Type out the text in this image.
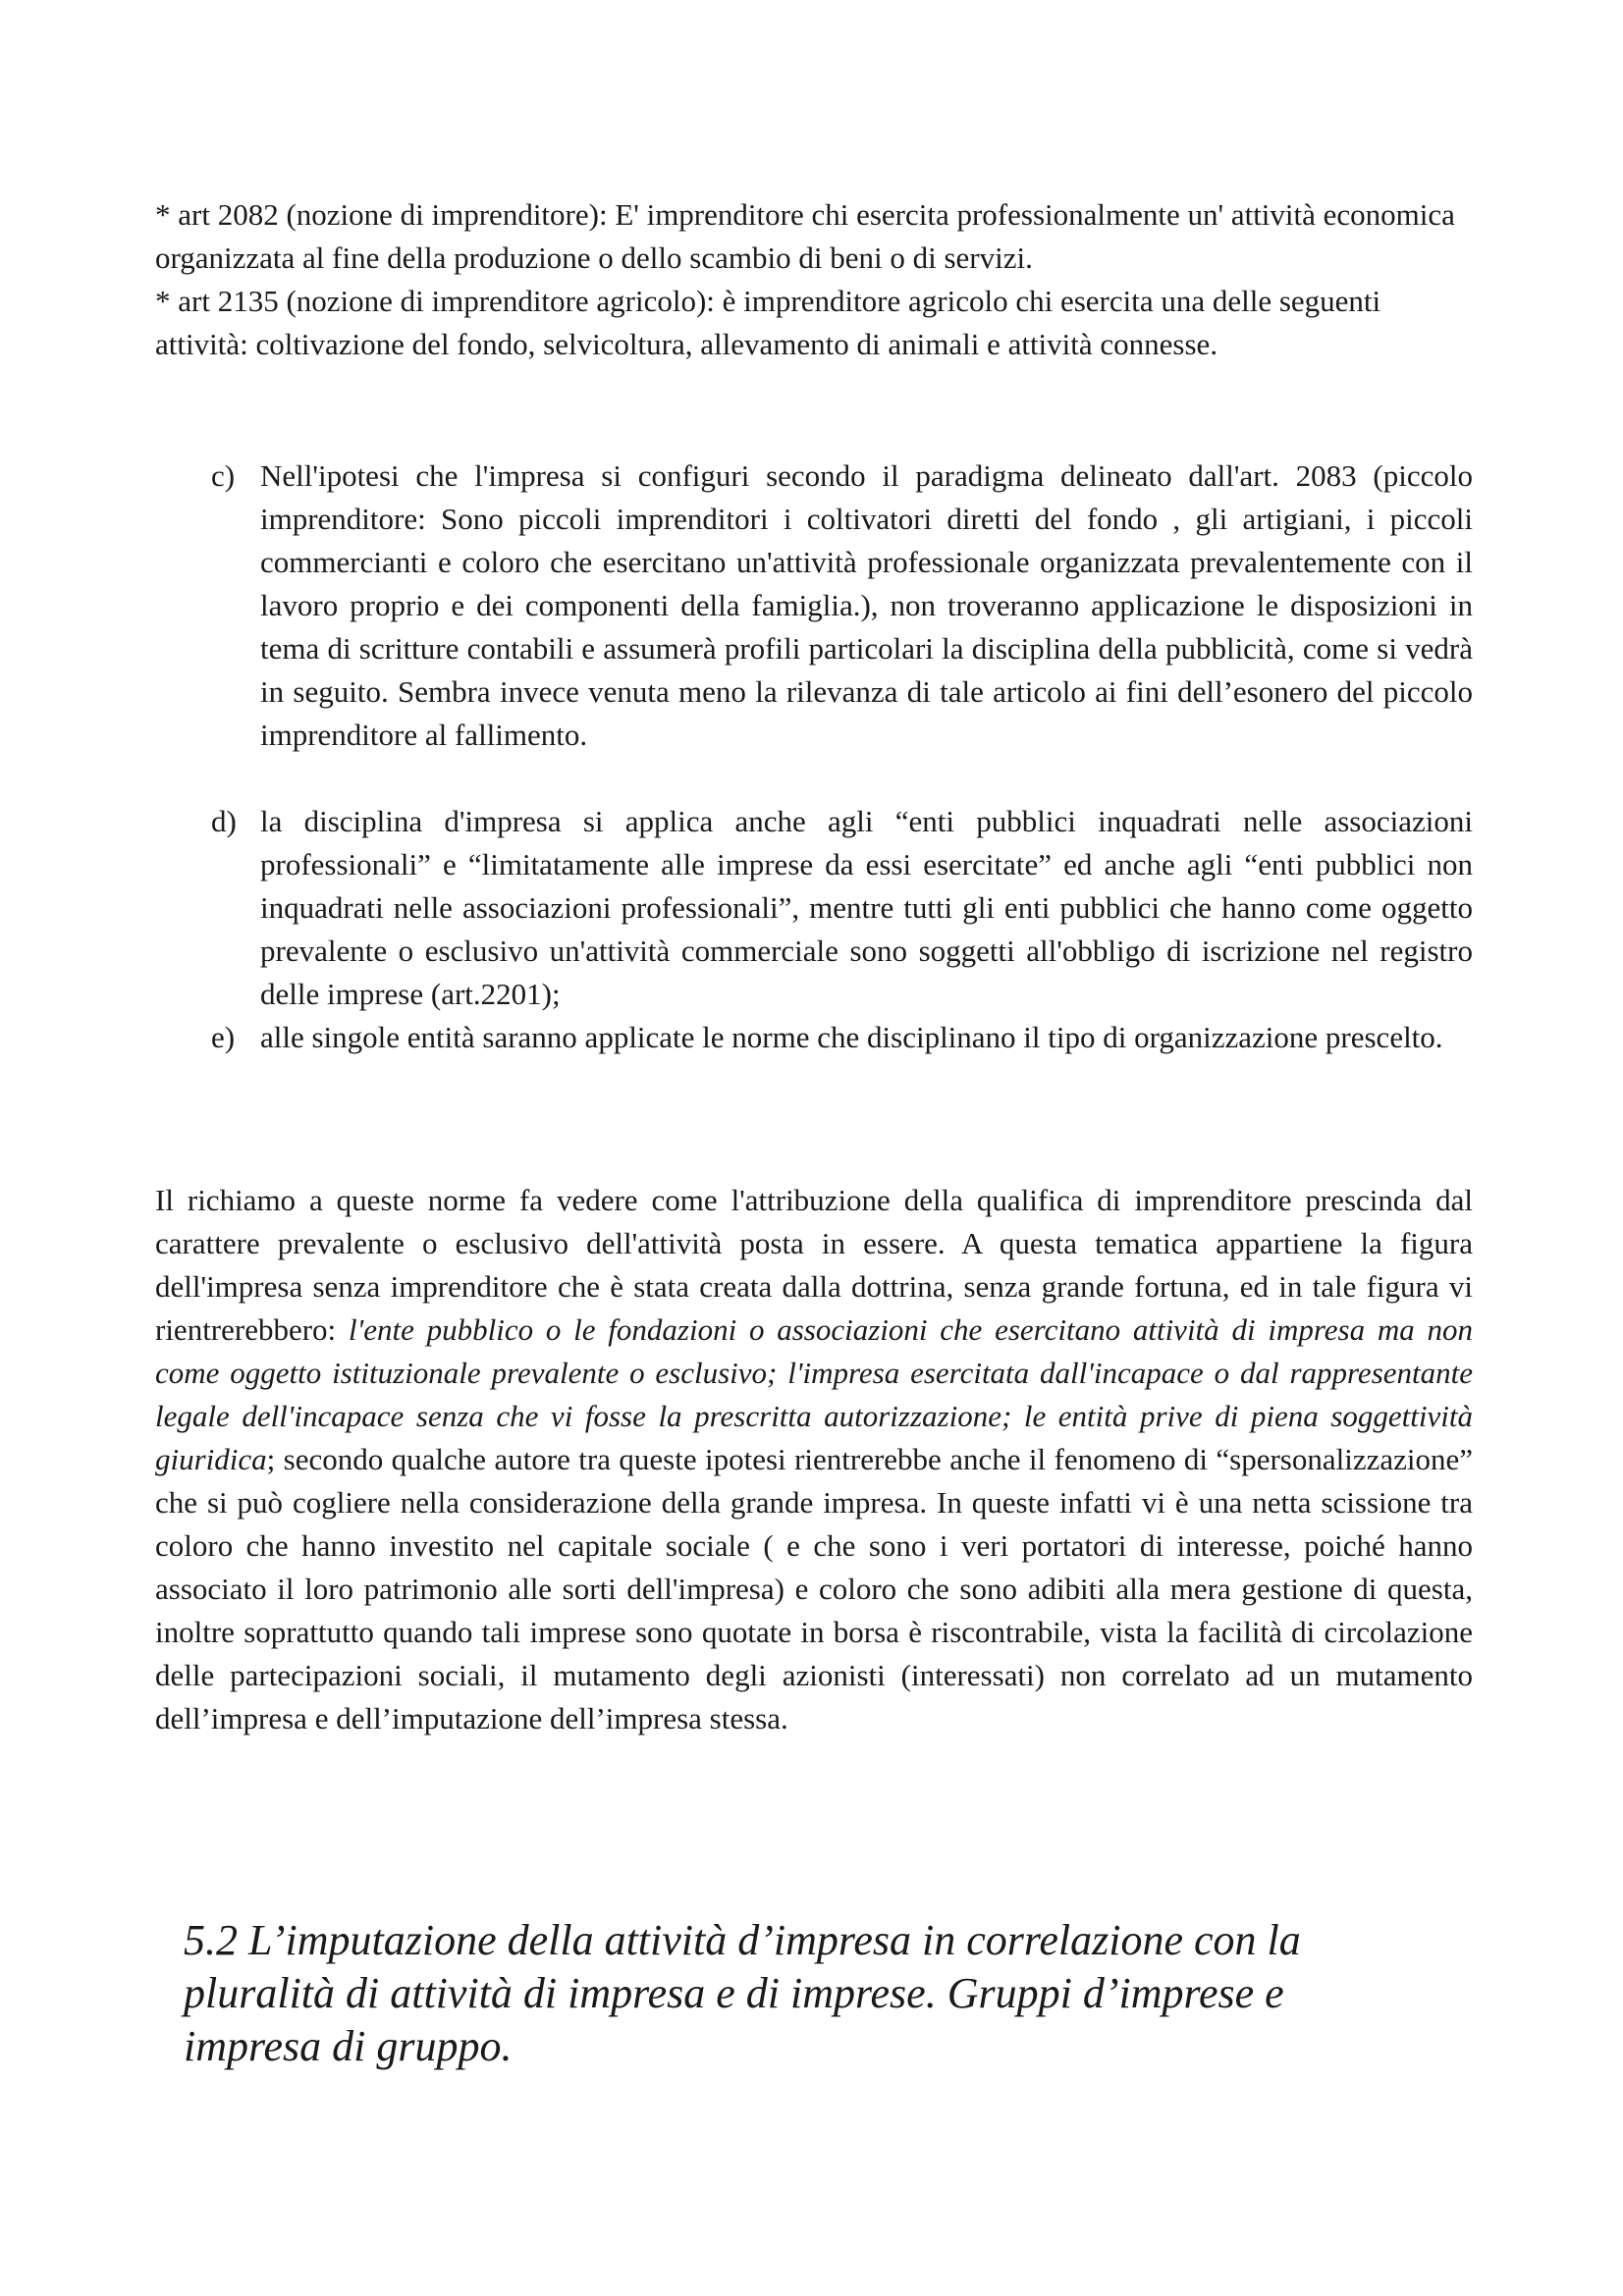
* art 2082 (nozione di imprenditore): E' imprenditore chi esercita professionalmente un' attività economica organizzata al fine della produzione o dello scambio di beni o di servizi.

* art 2135 (nozione di imprenditore agricolo): è imprenditore agricolo chi esercita una delle seguenti attività: coltivazione del fondo, selvicoltura, allevamento di animali e attività connesse.

c) Nell'ipotesi che l'impresa si configuri secondo il paradigma delineato dall'art. 2083 (piccolo imprenditore: Sono piccoli imprenditori i coltivatori diretti del fondo , gli artigiani, i piccoli commercianti e coloro che esercitano un'attività professionale organizzata prevalentemente con il lavoro proprio e dei componenti della famiglia.), non troveranno applicazione le disposizioni in tema di scritture contabili e assumerà profili particolari la disciplina della pubblicità, come si vedrà in seguito. Sembra invece venuta meno la rilevanza di tale articolo ai fini dell’esonero del piccolo imprenditore al fallimento.
d) la disciplina d'impresa si applica anche agli “enti pubblici inquadrati nelle associazioni professionali” e “limitatamente alle imprese da essi esercitate” ed anche agli “enti pubblici non inquadrati nelle associazioni professionali”, mentre tutti gli enti pubblici che hanno come oggetto prevalente o esclusivo un'attività commerciale sono soggetti all'obbligo di iscrizione nel registro delle imprese (art.2201);
e) alle singole entità saranno applicate le norme che disciplinano il tipo di organizzazione prescelto.

Il richiamo a queste norme fa vedere come l'attribuzione della qualifica di imprenditore prescinda dal carattere prevalente o esclusivo dell'attività posta in essere. A questa tematica appartiene la figura dell'impresa senza imprenditore che è stata creata dalla dottrina, senza grande fortuna, ed in tale figura vi rientrerebbero: l'ente pubblico o le fondazioni o associazioni che esercitano attività di impresa ma non come oggetto istituzionale prevalente o esclusivo; l'impresa esercitata dall'incapace o dal rappresentante legale dell'incapace senza che vi fosse la prescritta autorizzazione; le entità prive di piena soggettività giuridica; secondo qualche autore tra queste ipotesi rientrerebbe anche il fenomeno di “spersonalizzazione” che si può cogliere nella considerazione della grande impresa. In queste infatti vi è una netta scissione tra coloro che hanno investito nel capitale sociale ( e che sono i veri portatori di interesse, poiché hanno associato il loro patrimonio alle sorti dell'impresa) e coloro che sono adibiti alla mera gestione di questa, inoltre soprattutto quando tali imprese sono quotate in borsa è riscontrabile, vista la facilità di circolazione delle partecipazioni sociali, il mutamento degli azionisti (interessati) non correlato ad un mutamento dell’impresa e dell’imputazione dell’impresa stessa.

5.2 L’imputazione della attività d’impresa in correlazione con la pluralità di attività di impresa e di imprese. Gruppi d’imprese e impresa di gruppo.
